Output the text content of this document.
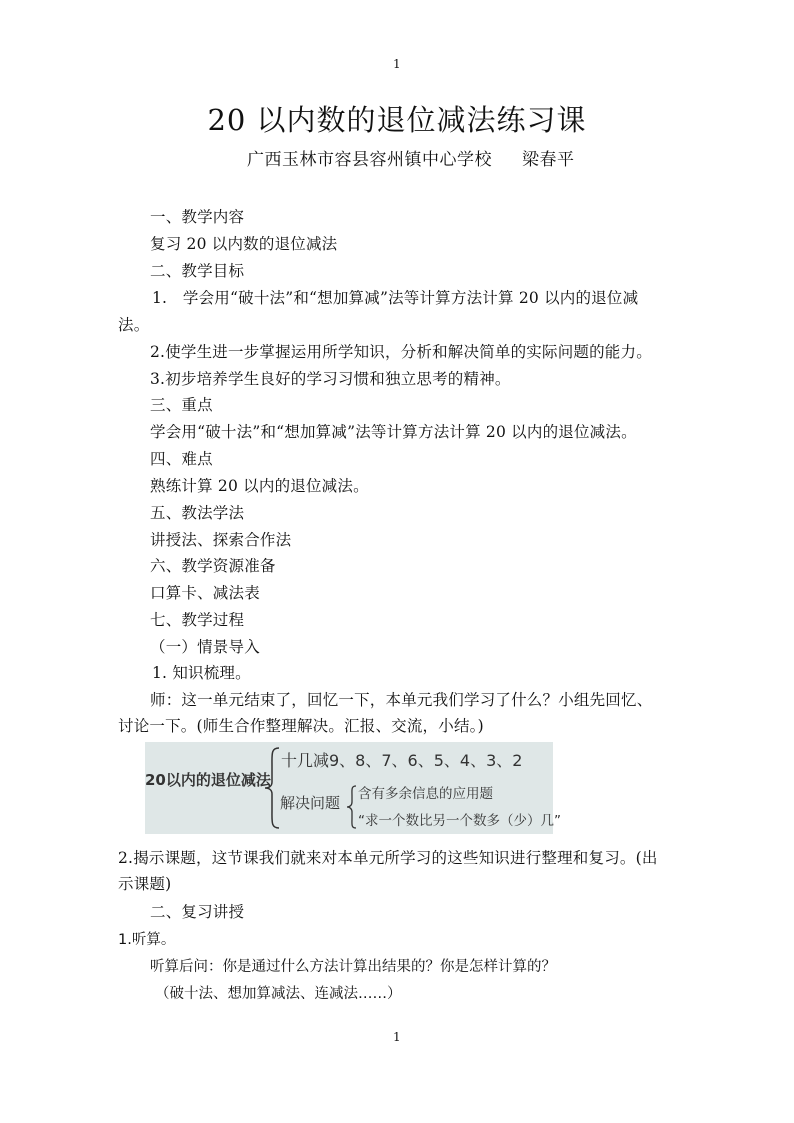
1
20 以内数的退位减法练习课
广西玉林市容县容州镇中心学校 梁春平
一、教学内容
复习 20 以内数的退位减法
二、教学目标
1.　学会用“破十法”和“想加算减”法等计算方法计算 20 以内的退位减
法。
2.使学生进一步掌握运用所学知识，分析和解决简单的实际问题的能力。
3.初步培养学生良好的学习习惯和独立思考的精神。
三、重点
学会用“破十法”和“想加算减”法等计算方法计算 20 以内的退位减法。
四、难点
熟练计算 20 以内的退位减法。
五、教法学法
讲授法、探索合作法
六、教学资源准备
口算卡、减法表
七、教学过程
（一）情景导入
1. 知识梳理。
师：这一单元结束了，回忆一下，本单元我们学习了什么？小组先回忆、
讨论一下。(师生合作整理解决。汇报、交流，小结。)
20以内的退位减法
十几减9、8、7、6、5、4、3、2
解决问题 含有多余信息的应用题
“求一个数比另一个数多（少）几”
2.揭示课题，这节课我们就来对本单元所学习的这些知识进行整理和复习。(出
示课题)
二、复习讲授
1.听算。
听算后问：你是通过什么方法计算出结果的？你是怎样计算的？
（破十法、想加算减法、连减法……）
1
